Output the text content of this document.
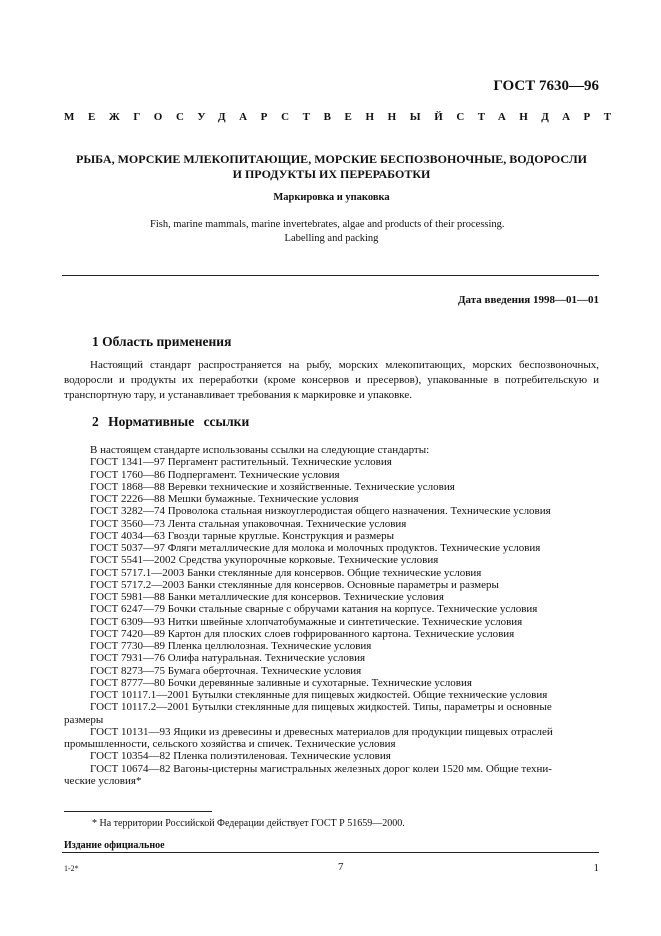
ГОСТ 7630—96
МЕЖГОСУДАРСТВЕННЫЙ СТАНДАРТ
РЫБА, МОРСКИЕ МЛЕКОПИТАЮЩИЕ, МОРСКИЕ БЕСПОЗВОНОЧНЫЕ, ВОДОРОСЛИ
И ПРОДУКТЫ ИХ ПЕРЕРАБОТКИ
Маркировка и упаковка
Fish, marine mammals, marine invertebrates, algae and products of their processing.
Labelling and packing
Дата введения 1998—01—01
1 Область применения
Настоящий стандарт распространяется на рыбу, морских млекопитающих, морских беспозвоночных, водоросли и продукты их переработки (кроме консервов и пресервов), упакованные в потребительскую и транспортную тару, и устанавливает требования к маркировке и упаковке.
2 Нормативные ссылки
В настоящем стандарте использованы ссылки на следующие стандарты:
ГОСТ 1341—97 Пергамент растительный. Технические условия
ГОСТ 1760—86 Подпергамент. Технические условия
ГОСТ 1868—88 Веревки технические и хозяйственные. Технические условия
ГОСТ 2226—88 Мешки бумажные. Технические условия
ГОСТ 3282—74 Проволока стальная низкоуглеродистая общего назначения. Технические условия
ГОСТ 3560—73 Лента стальная упаковочная. Технические условия
ГОСТ 4034—63 Гвозди тарные круглые. Конструкция и размеры
ГОСТ 5037—97 Фляги металлические для молока и молочных продуктов. Технические условия
ГОСТ 5541—2002 Средства укупорочные корковые. Технические условия
ГОСТ 5717.1—2003 Банки стеклянные для консервов. Общие технические условия
ГОСТ 5717.2—2003 Банки стеклянные для консервов. Основные параметры и размеры
ГОСТ 5981—88 Банки металлические для консервов. Технические условия
ГОСТ 6247—79 Бочки стальные сварные с обручами катания на корпусе. Технические условия
ГОСТ 6309—93 Нитки швейные хлопчатобумажные и синтетические. Технические условия
ГОСТ 7420—89 Картон для плоских слоев гофрированного картона. Технические условия
ГОСТ 7730—89 Пленка целлюлозная. Технические условия
ГОСТ 7931—76 Олифа натуральная. Технические условия
ГОСТ 8273—75 Бумага оберточная. Технические условия
ГОСТ 8777—80 Бочки деревянные заливные и сухотарные. Технические условия
ГОСТ 10117.1—2001 Бутылки стеклянные для пищевых жидкостей. Общие технические условия
ГОСТ 10117.2—2001 Бутылки стеклянные для пищевых жидкостей. Типы, параметры и основные
размеры
ГОСТ 10131—93 Ящики из древесины и древесных материалов для продукции пищевых отраслей
промышленности, сельского хозяйства и спичек. Технические условия
ГОСТ 10354—82 Пленка полиэтиленовая. Технические условия
ГОСТ 10674—82 Вагоны-цистерны магистральных железных дорог колеи 1520 мм. Общие техни-
ческие условия*
* На территории Российской Федерации действует ГОСТ Р 51659—2000.
Издание официальное
1-2*	7	1
